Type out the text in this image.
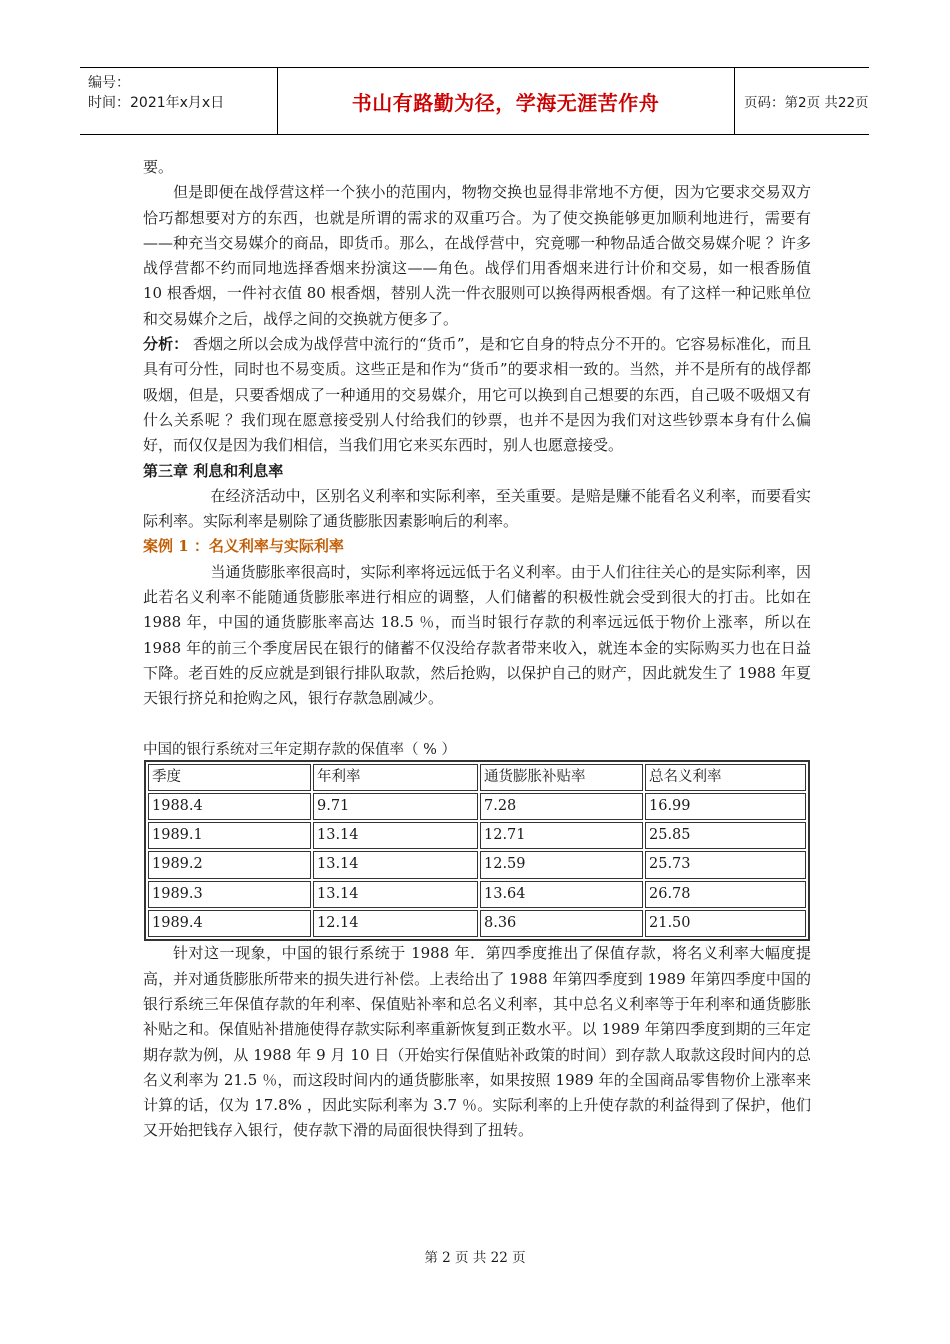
编号：
时间：2021年x月x日	书山有路勤为径，学海无涯苦作舟	页码：第2页 共22页

要。

但是即便在战俘营这样一个狭小的范围内，物物交换也显得非常地不方便，因为它要求交易双方恰巧都想要对方的东西，也就是所谓的需求的双重巧合。为了使交换能够更加顺利地进行，需要有——种充当交易媒介的商品，即货币。那么，在战俘营中，究竟哪一种物品适合做交易媒介呢 ？许多战俘营都不约而同地选择香烟来扮演这——角色。战俘们用香烟来进行计价和交易，如一根香肠值 10 根香烟，一件衬衣值 80 根香烟，替别人洗一件衣服则可以换得两根香烟。有了这样一种记账单位和交易媒介之后，战俘之间的交换就方便多了。

分析： 香烟之所以会成为战俘营中流行的“货币”，是和它自身的特点分不开的。它容易标准化，而且具有可分性，同时也不易变质。这些正是和作为“货币”的要求相一致的。当然，并不是所有的战俘都吸烟，但是，只要香烟成了一种通用的交易媒介，用它可以换到自己想要的东西，自己吸不吸烟又有什么关系呢 ？我们现在愿意接受别人付给我们的钞票，也并不是因为我们对这些钞票本身有什么偏好，而仅仅是因为我们相信，当我们用它来买东西时，别人也愿意接受。

第三章 利息和利息率

在经济活动中，区别名义利率和实际利率，至关重要。是赔是赚不能看名义利率，而要看实际利率。实际利率是剔除了通货膨胀因素影响后的利率。

案例 1 ：名义利率与实际利率

当通货膨胀率很高时，实际利率将远远低于名义利率。由于人们往往关心的是实际利率，因此若名义利率不能随通货膨胀率进行相应的调整，人们储蓄的积极性就会受到很大的打击。比如在 1988 年，中国的通货膨胀率高达 18.5 ％，而当时银行存款的利率远远低于物价上涨率，所以在 1988 年的前三个季度居民在银行的储蓄不仅没给存款者带来收入，就连本金的实际购买力也在日益下降。老百姓的反应就是到银行排队取款，然后抢购，以保护自己的财产，因此就发生了 1988 年夏天银行挤兑和抢购之风，银行存款急剧减少。

中国的银行系统对三年定期存款的保值率（ % ）
季度	年利率	通货膨胀补贴率	总名义利率
1988.4	9.71	7.28	16.99
1989.1	13.14	12.71	25.85
1989.2	13.14	12.59	25.73
1989.3	13.14	13.64	26.78
1989.4	12.14	8.36	21.50

针对这一现象，中国的银行系统于 1988 年．第四季度推出了保值存款，将名义利率大幅度提高，并对通货膨胀所带来的损失进行补偿。上表给出了 1988 年第四季度到 1989 年第四季度中国的银行系统三年保值存款的年利率、保值贴补率和总名义利率，其中总名义利率等于年利率和通货膨胀补贴之和。保值贴补措施使得存款实际利率重新恢复到正数水平。以 1989 年第四季度到期的三年定期存款为例，从 1988 年 9 月 10 日（开始实行保值贴补政策的时间）到存款人取款这段时间内的总名义利率为 21.5 ％，而这段时间内的通货膨胀率，如果按照 1989 年的全国商品零售物价上涨率来计算的话，仅为 17.8% ，因此实际利率为 3.7 ％。实际利率的上升使存款的利益得到了保护，他们又开始把钱存入银行，使存款下滑的局面很快得到了扭转。

第 2 页 共 22 页
